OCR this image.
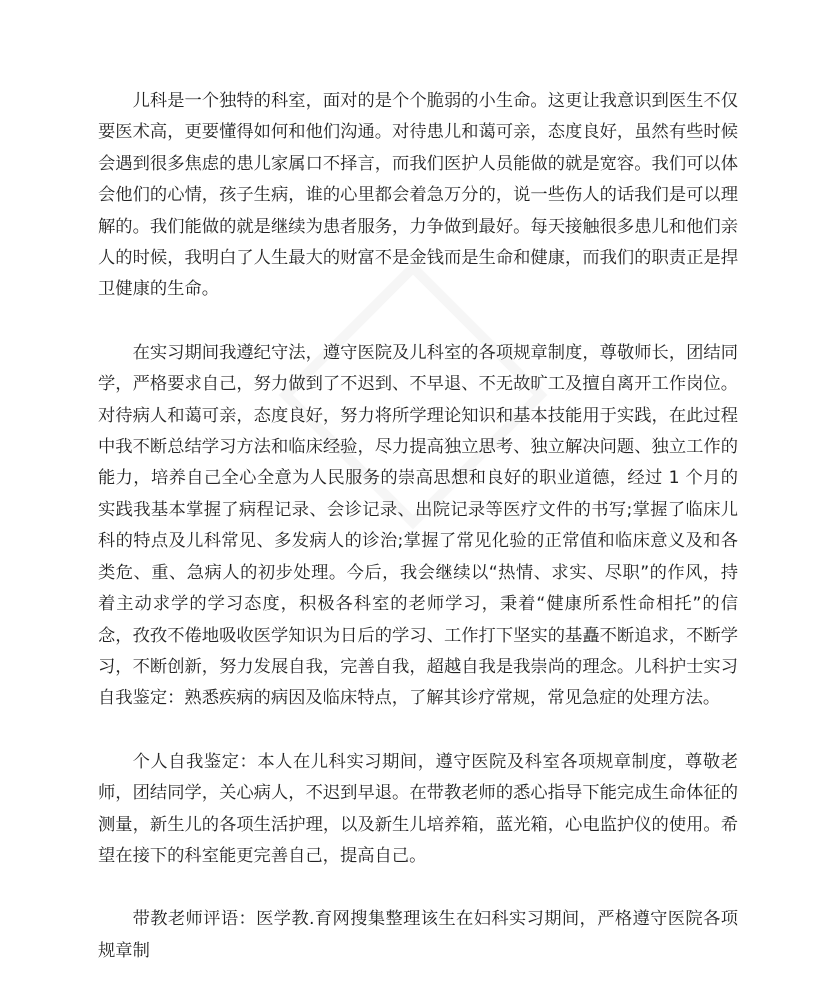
儿科是一个独特的科室，面对的是个个脆弱的小生命。这更让我意识到医生不仅要医术高，更要懂得如何和他们沟通。对待患儿和蔼可亲，态度良好，虽然有些时候会遇到很多焦虑的患儿家属口不择言，而我们医护人员能做的就是宽容。我们可以体会他们的心情，孩子生病，谁的心里都会着急万分的，说一些伤人的话我们是可以理解的。我们能做的就是继续为患者服务，力争做到最好。每天接触很多患儿和他们亲人的时候，我明白了人生最大的财富不是金钱而是生命和健康，而我们的职责正是捍卫健康的生命。

在实习期间我遵纪守法，遵守医院及儿科室的各项规章制度，尊敬师长，团结同学，严格要求自己，努力做到了不迟到、不早退、不无故旷工及擅自离开工作岗位。对待病人和蔼可亲，态度良好，努力将所学理论知识和基本技能用于实践，在此过程中我不断总结学习方法和临床经验，尽力提高独立思考、独立解决问题、独立工作的能力，培养自己全心全意为人民服务的崇高思想和良好的职业道德，经过 1 个月的实践我基本掌握了病程记录、会诊记录、出院记录等医疗文件的书写;掌握了临床儿科的特点及儿科常见、多发病人的诊治;掌握了常见化验的正常值和临床意义及和各类危、重、急病人的初步处理。今后，我会继续以“热情、求实、尽职”的作风，持着主动求学的学习态度，积极各科室的老师学习，秉着“健康所系性命相托”的信念，孜孜不倦地吸收医学知识为日后的学习、工作打下坚实的基矗不断追求，不断学习，不断创新，努力发展自我，完善自我，超越自我是我崇尚的理念。儿科护士实习自我鉴定：熟悉疾病的病因及临床特点，了解其诊疗常规，常见急症的处理方法。

个人自我鉴定：本人在儿科实习期间，遵守医院及科室各项规章制度，尊敬老师，团结同学，关心病人，不迟到早退。在带教老师的悉心指导下能完成生命体征的测量，新生儿的各项生活护理，以及新生儿培养箱，蓝光箱，心电监护仪的使用。希望在接下的科室能更完善自己，提高自己。

带教老师评语：医学教.育网搜集整理该生在妇科实习期间，严格遵守医院各项规章制
